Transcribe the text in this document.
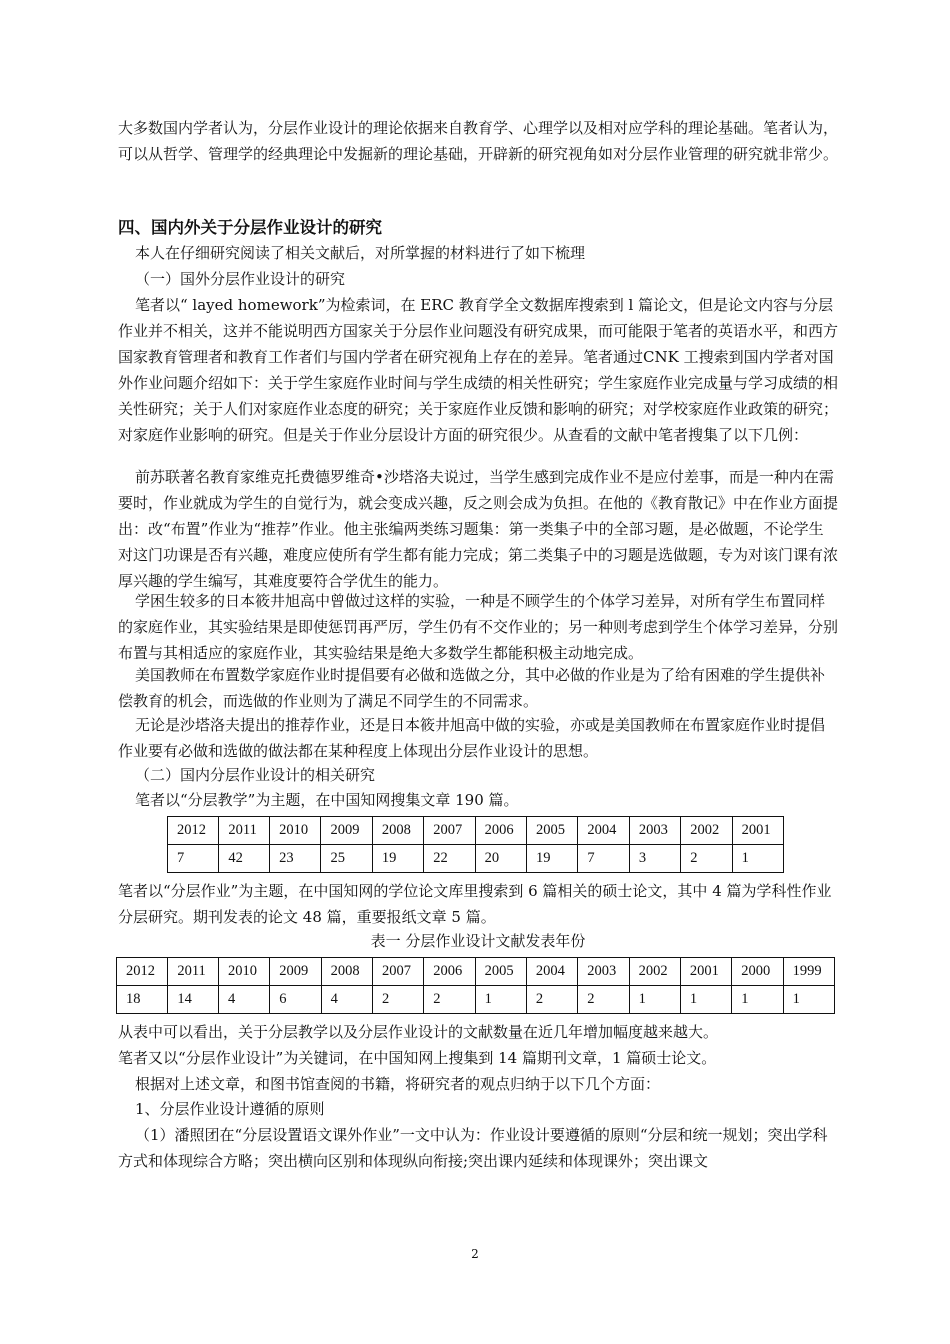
大多数国内学者认为，分层作业设计的理论依据来自教育学、心理学以及相对应学科的理论基础。笔者认为，可以从哲学、管理学的经典理论中发掘新的理论基础，开辟新的研究视角如对分层作业管理的研究就非常少。

四、国内外关于分层作业设计的研究

本人在仔细研究阅读了相关文献后，对所掌握的材料进行了如下梳理

（一）国外分层作业设计的研究

笔者以“ layed homework”为检索词，在 ERC 教育学全文数据库搜索到 l 篇论文，但是论文内容与分层作业并不相关，这并不能说明西方国家关于分层作业问题没有研究成果，而可能限于笔者的英语水平，和西方国家教育管理者和教育工作者们与国内学者在研究视角上存在的差异。笔者通过CNK 工搜索到国内学者对国外作业问题介绍如下：关于学生家庭作业时间与学生成绩的相关性研究；学生家庭作业完成量与学习成绩的相关性研究；关于人们对家庭作业态度的研究；关于家庭作业反馈和影响的研究；对学校家庭作业政策的研究；对家庭作业影响的研究。但是关于作业分层设计方面的研究很少。从查看的文献中笔者搜集了以下几例：

前苏联著名教育家维克托费德罗维奇•沙塔洛夫说过，当学生感到完成作业不是应付差事，而是一种内在需要时，作业就成为学生的自觉行为，就会变成兴趣，反之则会成为负担。在他的《教育散记》中在作业方面提出：改“布置”作业为“推荐”作业。他主张编两类练习题集：第一类集子中的全部习题，是必做题，不论学生对这门功课是否有兴趣，难度应使所有学生都有能力完成；第二类集子中的习题是选做题，专为对该门课有浓厚兴趣的学生编写，其难度要符合学优生的能力。

学困生较多的日本筱井旭高中曾做过这样的实验，一种是不顾学生的个体学习差异，对所有学生布置同样的家庭作业，其实验结果是即使惩罚再严厉，学生仍有不交作业的；另一种则考虑到学生个体学习差异，分别布置与其相适应的家庭作业，其实验结果是绝大多数学生都能积极主动地完成。

美国教师在布置数学家庭作业时提倡要有必做和选做之分，其中必做的作业是为了给有困难的学生提供补偿教育的机会，而选做的作业则为了满足不同学生的不同需求。

无论是沙塔洛夫提出的推荐作业，还是日本筱井旭高中做的实验，亦或是美国教师在布置家庭作业时提倡作业要有必做和选做的做法都在某种程度上体现出分层作业设计的思想。

（二）国内分层作业设计的相关研究

笔者以“分层教学”为主题，在中国知网搜集文章 190 篇。

2012	2011	2010	2009	2008	2007	2006	2005	2004	2003	2002	2001
7	42	23	25	19	22	20	19	7	3	2	1

笔者以“分层作业”为主题，在中国知网的学位论文库里搜索到 6 篇相关的硕士论文，其中 4 篇为学科性作业分层研究。期刊发表的论文 48 篇，重要报纸文章 5 篇。

表一 分层作业设计文献发表年份

2012	2011	2010	2009	2008	2007	2006	2005	2004	2003	2002	2001	2000	1999
18	14	4	6	4	2	2	1	2	2	1	1	1	1

从表中可以看出，关于分层教学以及分层作业设计的文献数量在近几年增加幅度越来越大。

笔者又以“分层作业设计”为关键词，在中国知网上搜集到 14 篇期刊文章，1 篇硕士论文。

根据对上述文章，和图书馆查阅的书籍，将研究者的观点归纳于以下几个方面：

1、分层作业设计遵循的原则

（1）潘照团在“分层设置语文课外作业”一文中认为：作业设计要遵循的原则“分层和统一规划；突出学科方式和体现综合方略；突出横向区别和体现纵向衔接;突出课内延续和体现课外；突出课文

2
